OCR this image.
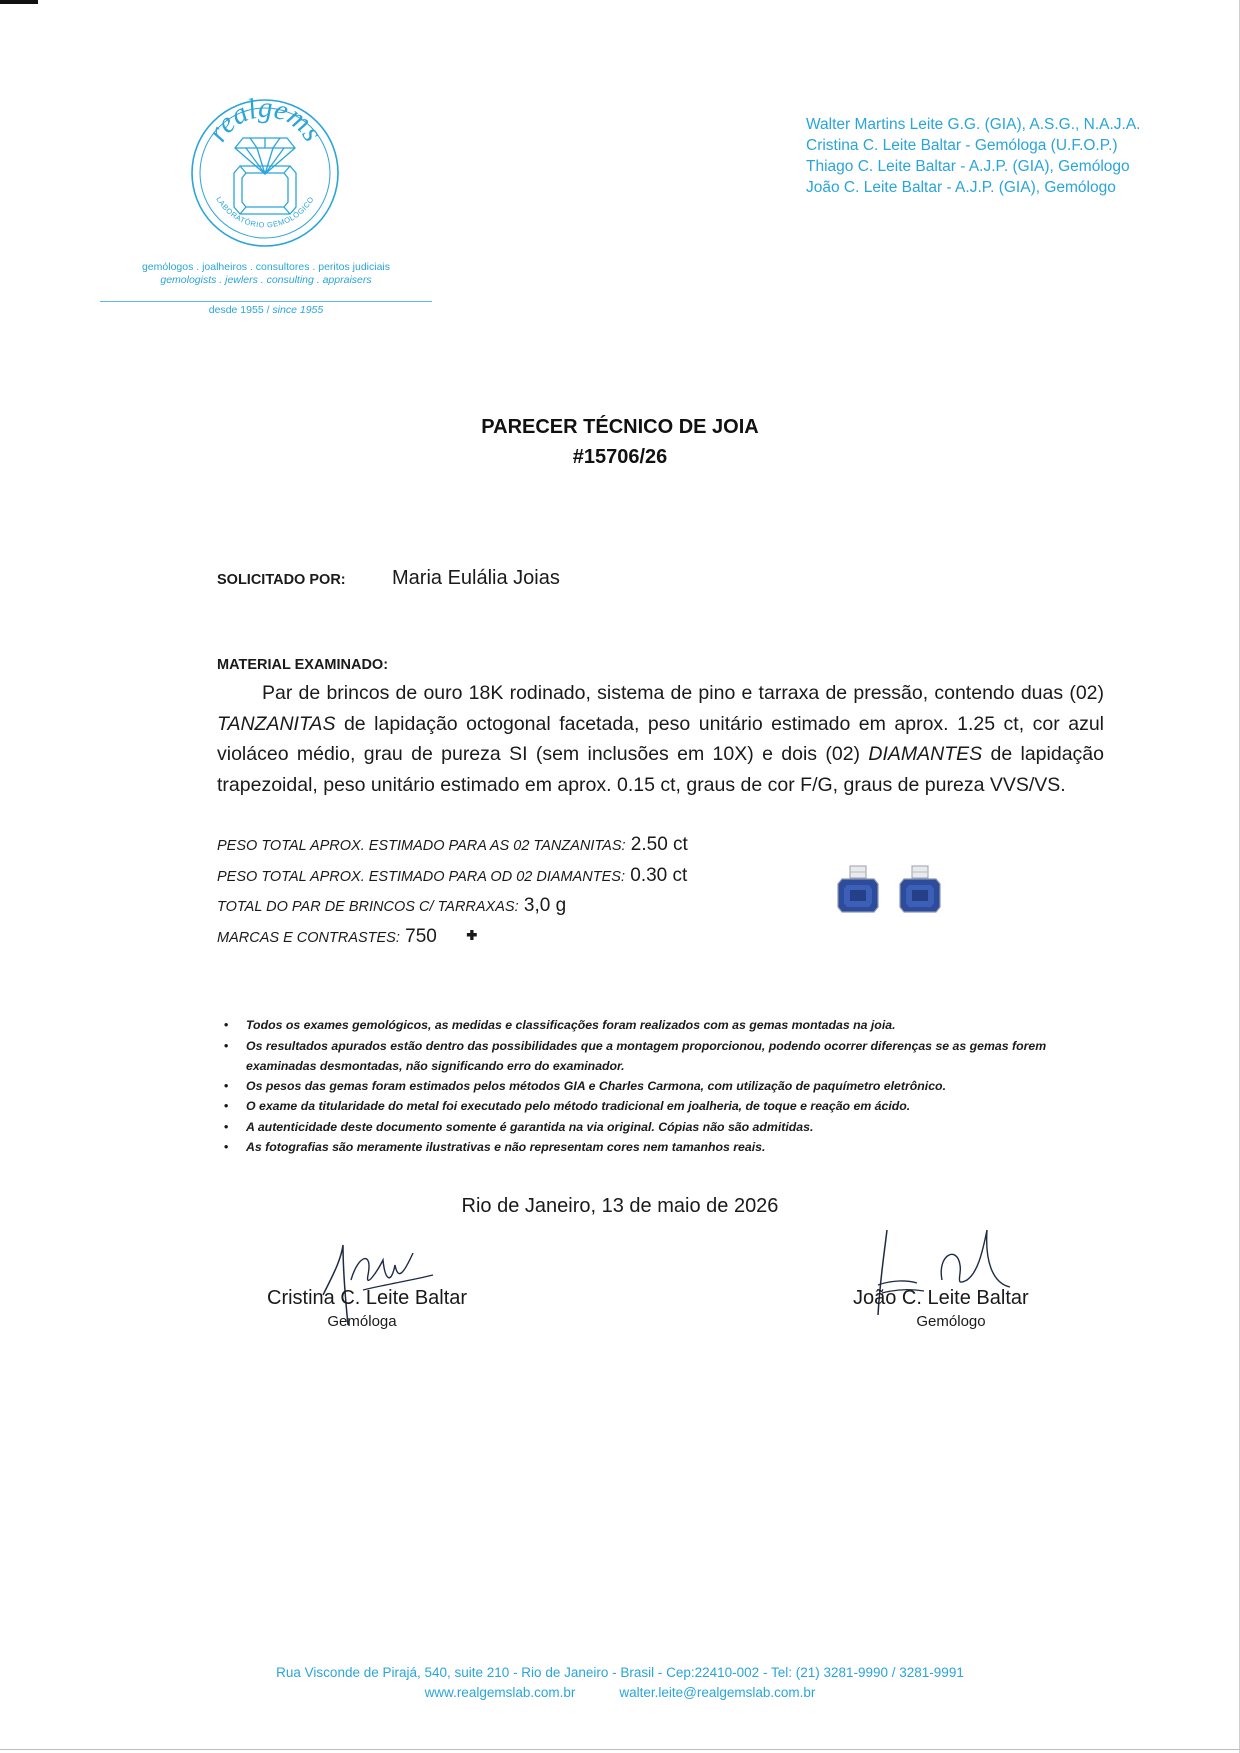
realgems
LABORATÓRIO GEMOLÓGICO
gemólogos . joalheiros . consultores . peritos judiciais
gemologists . jewlers . consulting . appraisers
desde 1955 / since 1955
Walter Martins Leite G.G. (GIA), A.S.G., N.A.J.A.
Cristina C. Leite Baltar - Gemóloga (U.F.O.P.)
Thiago C. Leite Baltar - A.J.P. (GIA), Gemólogo
João C. Leite Baltar - A.J.P. (GIA), Gemólogo
PARECER TÉCNICO DE JOIA
#15706/26
SOLICITADO POR: Maria Eulália Joias
MATERIAL EXAMINADO:
Par de brincos de ouro 18K rodinado, sistema de pino e tarraxa de pressão, contendo duas (02) TANZANITAS de lapidação octogonal facetada, peso unitário estimado em aprox. 1.25 ct, cor azul violáceo médio, grau de pureza SI (sem inclusões em 10X) e dois (02) DIAMANTES de lapidação trapezoidal, peso unitário estimado em aprox. 0.15 ct, graus de cor F/G, graus de pureza VVS/VS.
PESO TOTAL APROX. ESTIMADO PARA AS 02 TANZANITAS: 2.50 ct
PESO TOTAL APROX. ESTIMADO PARA OD 02 DIAMANTES: 0.30 ct
TOTAL DO PAR DE BRINCOS C/ TARRAXAS: 3,0 g
MARCAS E CONTRASTES: 750 🞧
• Todos os exames gemológicos, as medidas e classificações foram realizados com as gemas montadas na joia.
• Os resultados apurados estão dentro das possibilidades que a montagem proporcionou, podendo ocorrer diferenças se as gemas forem examinadas desmontadas, não significando erro do examinador.
• Os pesos das gemas foram estimados pelos métodos GIA e Charles Carmona, com utilização de paquímetro eletrônico.
• O exame da titularidade do metal foi executado pelo método tradicional em joalheria, de toque e reação em ácido.
• A autenticidade deste documento somente é garantida na via original. Cópias não são admitidas.
• As fotografias são meramente ilustrativas e não representam cores nem tamanhos reais.
Rio de Janeiro, 13 de maio de 2026
Cristina C. Leite Baltar
Gemóloga
João C. Leite Baltar
Gemólogo
Rua Visconde de Pirajá, 540, suite 210 - Rio de Janeiro - Brasil - Cep:22410-002 - Tel: (21) 3281-9990 / 3281-9991
www.realgemslab.com.br	walter.leite@realgemslab.com.br
